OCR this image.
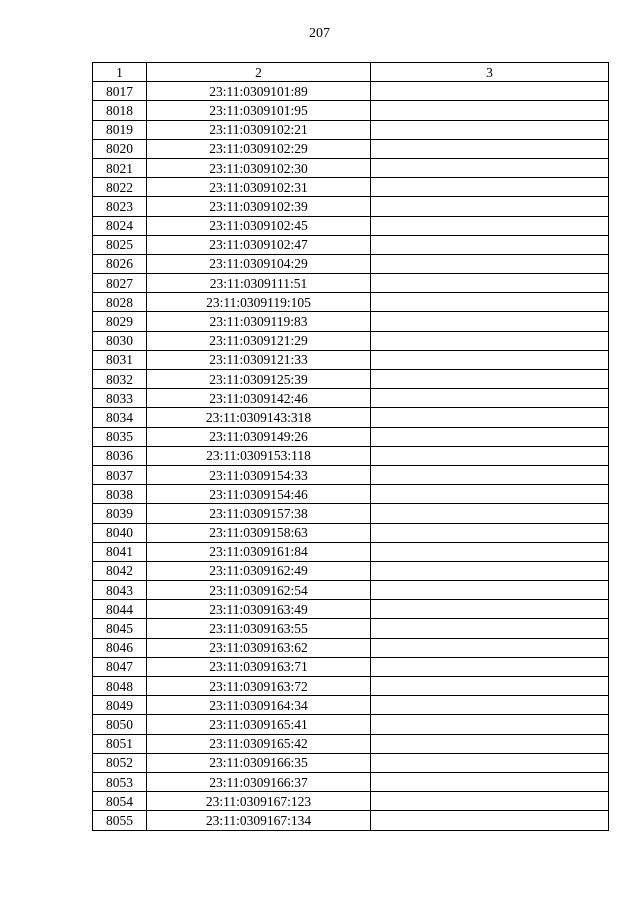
207
1	2	3
8017	23:11:0309101:89	
8018	23:11:0309101:95	
8019	23:11:0309102:21	
8020	23:11:0309102:29	
8021	23:11:0309102:30	
8022	23:11:0309102:31	
8023	23:11:0309102:39	
8024	23:11:0309102:45	
8025	23:11:0309102:47	
8026	23:11:0309104:29	
8027	23:11:0309111:51	
8028	23:11:0309119:105	
8029	23:11:0309119:83	
8030	23:11:0309121:29	
8031	23:11:0309121:33	
8032	23:11:0309125:39	
8033	23:11:0309142:46	
8034	23:11:0309143:318	
8035	23:11:0309149:26	
8036	23:11:0309153:118	
8037	23:11:0309154:33	
8038	23:11:0309154:46	
8039	23:11:0309157:38	
8040	23:11:0309158:63	
8041	23:11:0309161:84	
8042	23:11:0309162:49	
8043	23:11:0309162:54	
8044	23:11:0309163:49	
8045	23:11:0309163:55	
8046	23:11:0309163:62	
8047	23:11:0309163:71	
8048	23:11:0309163:72	
8049	23:11:0309164:34	
8050	23:11:0309165:41	
8051	23:11:0309165:42	
8052	23:11:0309166:35	
8053	23:11:0309166:37	
8054	23:11:0309167:123	
8055	23:11:0309167:134	
